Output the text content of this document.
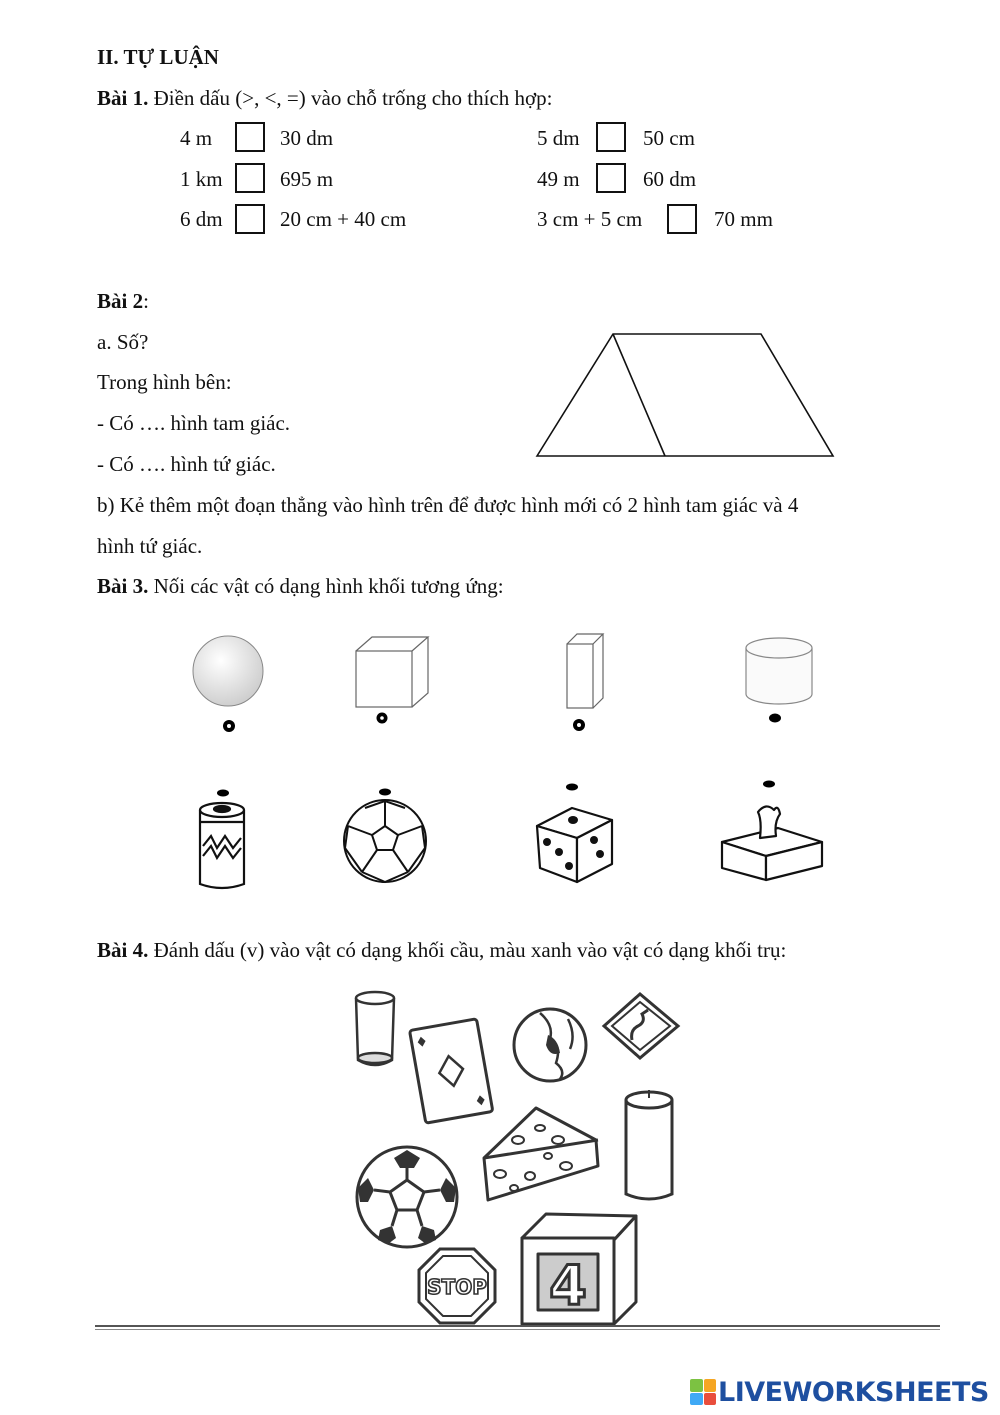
II. TỰ LUẬN
Bài 1. Điền dấu (>, <, =) vào chỗ trống cho thích hợp:
4 m	30 dm	5 dm	50 cm
1 km	695 m	49 m	60 dm
6 dm	20 cm + 40 cm	3 cm + 5 cm	70 mm
Bài 2:
a. Số?
Trong hình bên:
- Có …. hình tam giác.
- Có …. hình tứ giác.
b) Kẻ thêm một đoạn thẳng vào hình trên để được hình mới có 2 hình tam giác và 4
hình tứ giác.
Bài 3. Nối các vật có dạng hình khối tương ứng:
Bài 4. Đánh dấu (v) vào vật có dạng khối cầu, màu xanh vào vật có dạng khối trụ:
STOP 4
LIVEWORKSHEETS
